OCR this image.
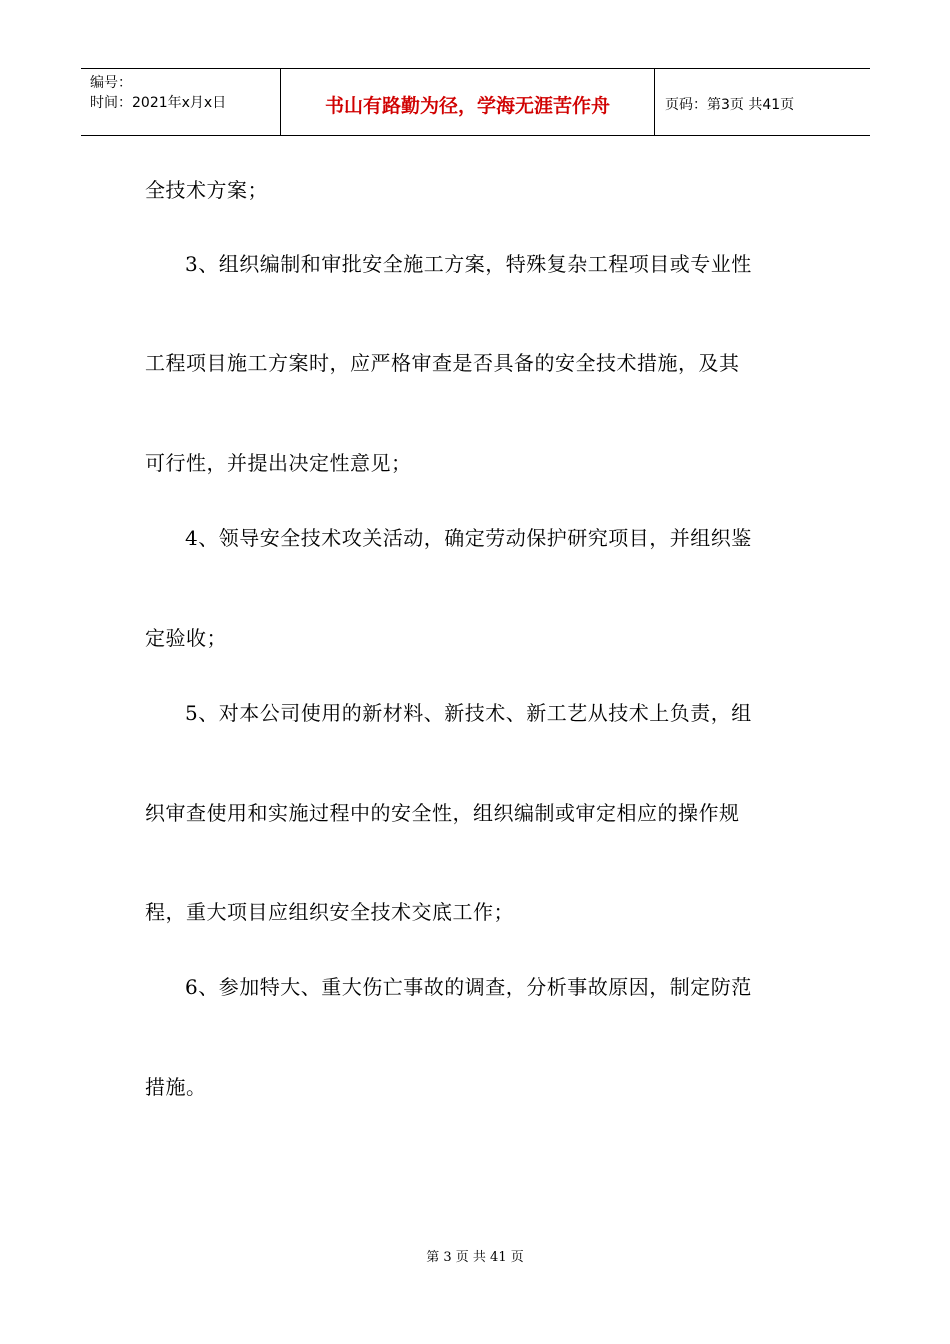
编号：
时间：2021年x月x日	书山有路勤为径，学海无涯苦作舟	页码：第3页 共41页
全技术方案；
3、组织编制和审批安全施工方案，特殊复杂工程项目或专业性
工程项目施工方案时，应严格审查是否具备的安全技术措施，及其
可行性，并提出决定性意见；
4、领导安全技术攻关活动，确定劳动保护研究项目，并组织鉴
定验收；
5、对本公司使用的新材料、新技术、新工艺从技术上负责，组
织审查使用和实施过程中的安全性，组织编制或审定相应的操作规
程，重大项目应组织安全技术交底工作；
6、参加特大、重大伤亡事故的调查，分析事故原因，制定防范
措施。
第 3 页 共 41 页
